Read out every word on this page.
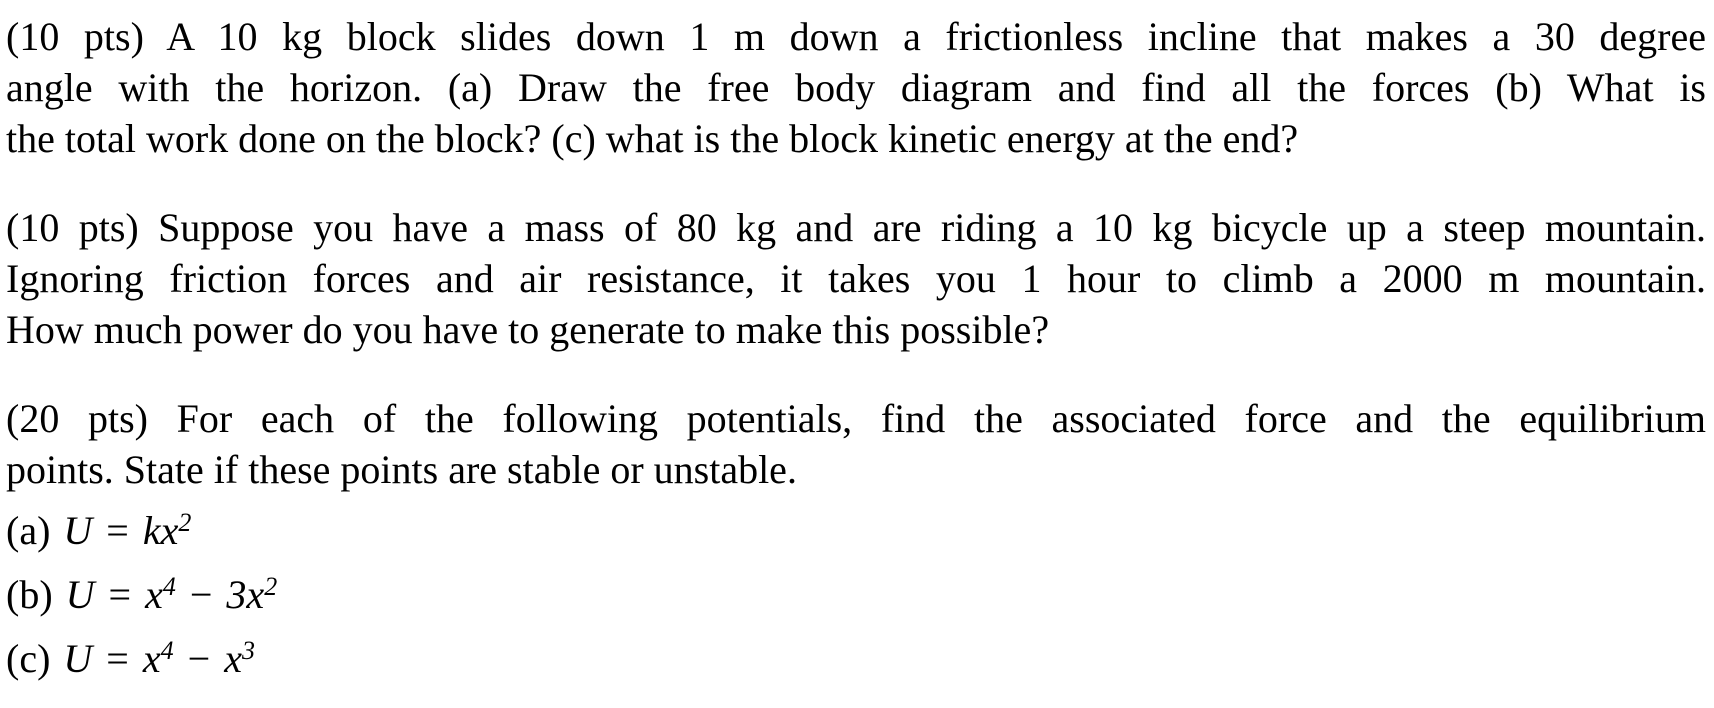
(10 pts) A 10 kg block slides down 1 m down a frictionless incline that makes a 30 degree
angle with the horizon. (a) Draw the free body diagram and find all the forces (b) What is
the total work done on the block? (c) what is the block kinetic energy at the end?
(10 pts) Suppose you have a mass of 80 kg and are riding a 10 kg bicycle up a steep mountain.
Ignoring friction forces and air resistance, it takes you 1 hour to climb a 2000 m mountain.
How much power do you have to generate to make this possible?
(20 pts) For each of the following potentials, find the associated force and the equilibrium
points. State if these points are stable or unstable.
(a) $U = kx^2$
(b) $U = x^4 - 3x^2$
(c) $U = x^4 - x^3$
